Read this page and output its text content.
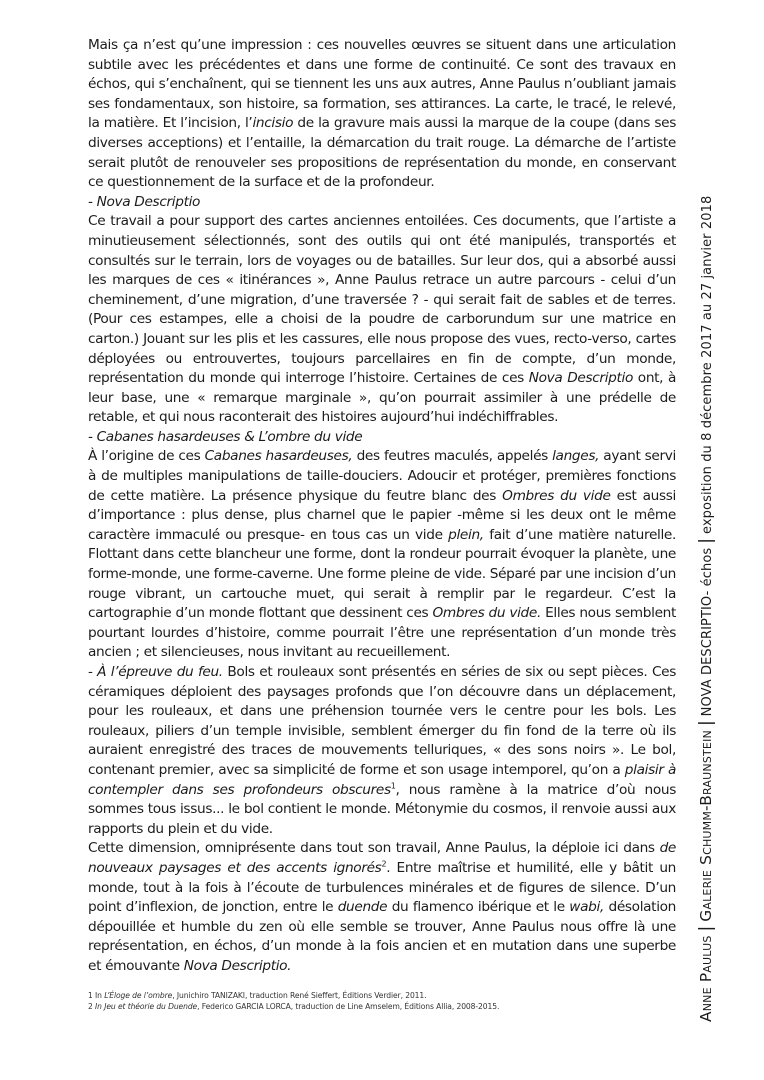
Mais ça n’est qu’une impression : ces nouvelles œuvres se situent dans une articulation subtile avec les précédentes et dans une forme de continuité. Ce sont des travaux en échos, qui s’enchaînent, qui se tiennent les uns aux autres, Anne Paulus n’oubliant jamais ses fondamentaux, son histoire, sa formation, ses attirances. La carte, le tracé, le relevé, la matière. Et l’incision, l’incisio de la gravure mais aussi la marque de la coupe (dans ses diverses acceptions) et l’entaille, la démarcation du trait rouge. La démarche de l’artiste serait plutôt de renouveler ses propositions de représentation du monde, en conservant ce questionnement de la surface et de la profondeur.

- Nova Descriptio

Ce travail a pour support des cartes anciennes entoilées. Ces documents, que l’artiste a minutieusement sélectionnés, sont des outils qui ont été manipulés, transportés et consultés sur le terrain, lors de voyages ou de batailles. Sur leur dos, qui a absorbé aussi les marques de ces « itinérances », Anne Paulus retrace un autre parcours - celui d’un cheminement, d’une migration, d’une traversée ? - qui serait fait de sables et de terres. (Pour ces estampes, elle a choisi de la poudre de carborundum sur une matrice en carton.) Jouant sur les plis et les cassures, elle nous propose des vues, recto-verso, cartes déployées ou entrouvertes, toujours parcellaires en fin de compte, d’un monde, représentation du monde qui interroge l’histoire. Certaines de ces Nova Descriptio ont, à leur base, une « remarque marginale », qu’on pourrait assimiler à une prédelle de retable, et qui nous raconterait des histoires aujourd’hui indéchiffrables.

- Cabanes hasardeuses & L’ombre du vide

À l’origine de ces Cabanes hasardeuses, des feutres maculés, appelés langes, ayant servi à de multiples manipulations de taille-douciers. Adoucir et protéger, premières fonctions de cette matière. La présence physique du feutre blanc des Ombres du vide est aussi d’importance : plus dense, plus charnel que le papier -même si les deux ont le même caractère immaculé ou presque- en tous cas un vide plein, fait d’une matière naturelle. Flottant dans cette blancheur une forme, dont la rondeur pourrait évoquer la planète, une forme-monde, une forme-caverne. Une forme pleine de vide. Séparé par une incision d’un rouge vibrant, un cartouche muet, qui serait à remplir par le regardeur. C’est la cartographie d’un monde flottant que dessinent ces Ombres du vide. Elles nous semblent pourtant lourdes d’histoire, comme pourrait l’être une représentation d’un monde très ancien ; et silencieuses, nous invitant au recueillement.

- À l’épreuve du feu. Bols et rouleaux sont présentés en séries de six ou sept pièces. Ces céramiques déploient des paysages profonds que l’on découvre dans un déplacement, pour les rouleaux, et dans une préhension tournée vers le centre pour les bols. Les rouleaux, piliers d’un temple invisible, semblent émerger du fin fond de la terre où ils auraient enregistré des traces de mouvements telluriques, « des sons noirs ». Le bol, contenant premier, avec sa simplicité de forme et son usage intemporel, qu’on a plaisir à contempler dans ses profondeurs obscures$^1$, nous ramène à la matrice d’où nous sommes tous issus... le bol contient le monde. Métonymie du cosmos, il renvoie aussi aux rapports du plein et du vide.

Cette dimension, omniprésente dans tout son travail, Anne Paulus, la déploie ici dans de nouveaux paysages et des accents ignorés$^2$. Entre maîtrise et humilité, elle y bâtit un monde, tout à la fois à l’écoute de turbulences minérales et de figures de silence. D’un point d’inflexion, de jonction, entre le duende du flamenco ibérique et le wabi, désolation dépouillée et humble du zen où elle semble se trouver, Anne Paulus nous offre là une représentation, en échos, d’un monde à la fois ancien et en mutation dans une superbe et émouvante Nova Descriptio.

1 In L’Éloge de l’ombre, Junichiro TANIZAKI, traduction René Sieffert, Éditions Verdier, 2011.

2 In Jeu et théorie du Duende, Federico GARCIA LORCA, traduction de Line Amselem, Éditions Allia, 2008-2015.	Anne Paulus|Galerie Schumm-Braunstein|NOVA DESCRIPTIO- échos|exposition du 8 décembre 2017 au 27 janvier 2018
